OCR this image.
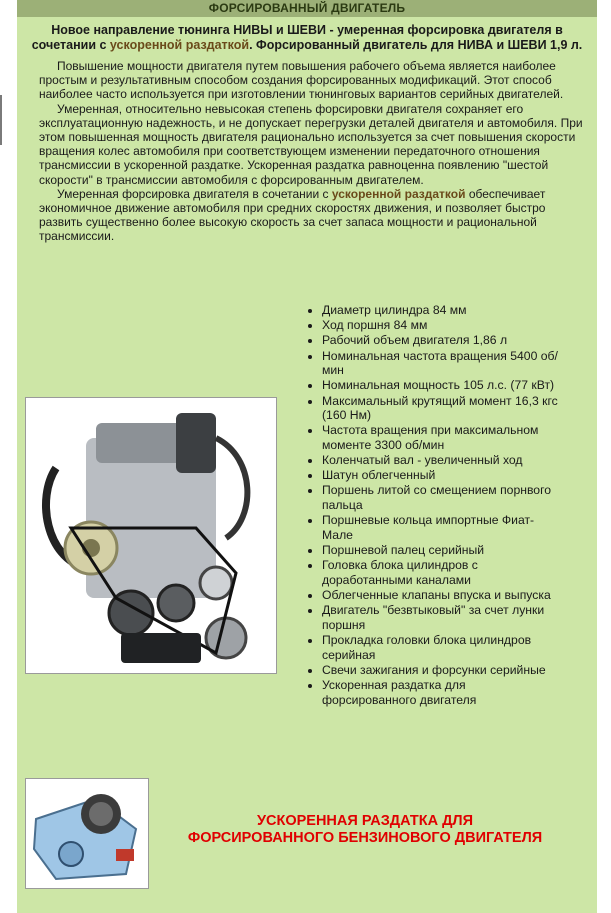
ФОРСИРОВАННЫЙ ДВИГАТЕЛЬ
Новое направление тюнинга НИВЫ и ШЕВИ - умеренная форсировка двигателя в сочетании с ускоренной раздаткой. Форсированный двигатель для НИВА и ШЕВИ 1,9 л.

Повышение мощности двигателя путем повышения рабочего объема является наиболее простым и результативным способом создания форсированных модификаций. Этот способ наиболее часто используется при изготовлении тюнинговых вариантов серийных двигателей.

Умеренная, относительно невысокая степень форсировки двигателя сохраняет его эксплуатационную надежность, и не допускает перегрузки деталей двигателя и автомобиля. При этом повышенная мощность двигателя рационально используется за счет повышения скорости вращения колес автомобиля при соответствующем изменении передаточного отношения трансмиссии в ускоренной раздатке. Ускоренная раздатка равноценна появлению "шестой скорости" в трансмиссии автомобиля с форсированным двигателем.

Умеренная форсировка двигателя в сочетании с ускоренной раздаткой обеспечивает экономичное движение автомобиля при средних скоростях движения, и позволяет быстро развить существенно более высокую скорость за счет запаса мощности и рациональной трансмиссии.

Диаметр цилиндра 84 мм
Ход поршня 84 мм
Рабочий объем двигателя 1,86 л
Номинальная частота вращения 5400 об/мин
Номинальная мощность 105 л.с. (77 кВт)
Максимальный крутящий момент 16,3 кгс (160 Нм)
Частота вращения при максимальном моменте 3300 об/мин
Коленчатый вал - увеличенный ход
Шатун облегченный
Поршень литой со смещением порнвого пальца
Поршневые кольца импортные Фиат-Мале
Поршневой палец серийный
Головка блока цилиндров с доработанными каналами
Облегченные клапаны впуска и выпуска
Двигатель "безвтыковый" за счет лунки поршня
Прокладка головки блока цилиндров серийная
Свечи зажигания и форсунки серийные
Ускоренная раздатка для форсированного двигателя
УСКОРЕННАЯ РАЗДАТКА ДЛЯ
ФОРСИРОВАННОГО БЕНЗИНОВОГО ДВИГАТЕЛЯ
